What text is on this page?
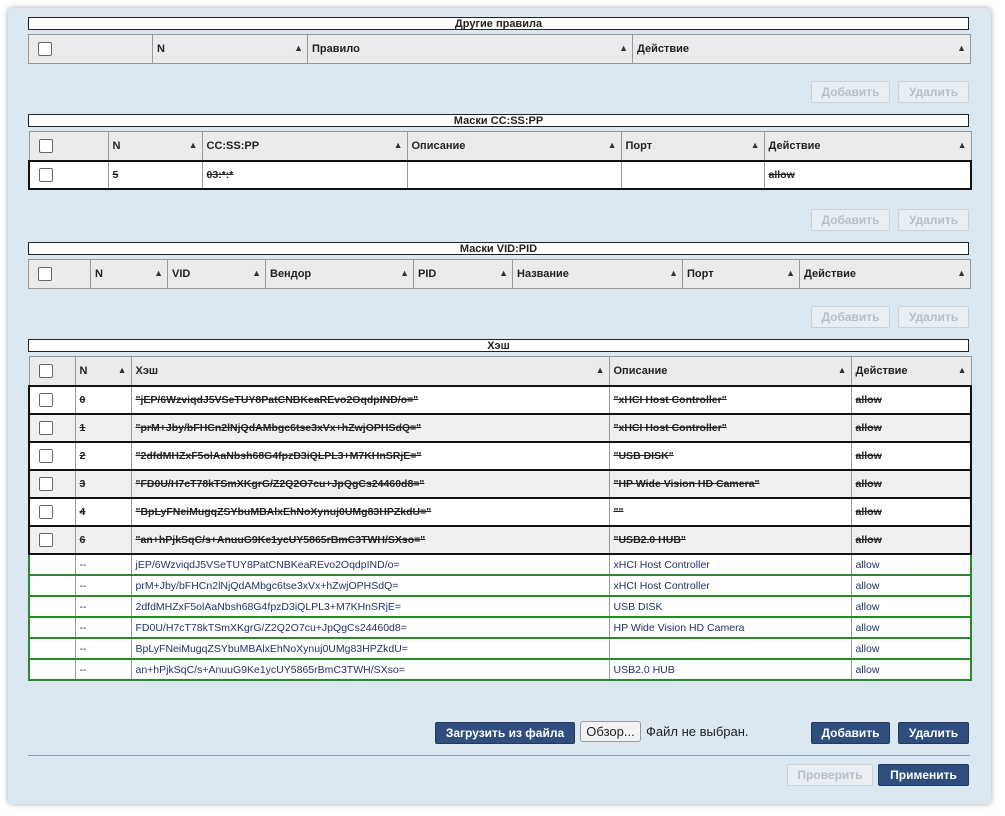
Другие правила
	N	▲︎	Правило	▲︎	Действие	▲︎
Добавить	Удалить
Маски CC:SS:PP
	N ▲︎	CC:SS:PP ▲︎	Описание ▲︎	Порт ▲︎	Действие ▲︎

	5	03:*:*			allow
Добавить	Удалить
Маски VID:PID
	N	▲︎	VID	▲︎	Вендор	▲︎	PID	▲︎	Название	▲︎	Порт	▲︎	Действие	▲︎
Добавить	Удалить
Хэш
	N ▲︎	Хэш ▲︎	Описание ▲︎	Действие ▲︎

	0	"jEP/6WzviqdJ5VSeTUY8PatCNBKeaREvo2OqdpIND/o="	"xHCI Host Controller"	allow
	1	"prM+Jby/bFHCn2lNjQdAMbgc6tse3xVx+hZwjOPHSdQ="	"xHCI Host Controller"	allow
	2	"2dfdMHZxF5olAaNbsh68G4fpzD3iQLPL3+M7KHnSRjE="	"USB DISK"	allow
	3	"FD0U/H7cT78kTSmXKgrG/Z2Q2O7cu+JpQgCs24460d8="	"HP Wide Vision HD Camera"	allow
	4	"BpLyFNeiMugqZSYbuMBAlxEhNoXynuj0UMg83HPZkdU="	""	allow
	6	"an+hPjkSqC/s+AnuuG9Ke1ycUY5865rBmC3TWH/SXso="	"USB2.0 HUB"	allow
	--	jEP/6WzviqdJ5VSeTUY8PatCNBKeaREvo2OqdpIND/o=	xHCI Host Controller	allow
	--	prM+Jby/bFHCn2lNjQdAMbgc6tse3xVx+hZwjOPHSdQ=	xHCI Host Controller	allow
	--	2dfdMHZxF5olAaNbsh68G4fpzD3iQLPL3+M7KHnSRjE=	USB DISK	allow
	--	FD0U/H7cT78kTSmXKgrG/Z2Q2O7cu+JpQgCs24460d8=	HP Wide Vision HD Camera	allow
	--	BpLyFNeiMugqZSYbuMBAlxEhNoXynuj0UMg83HPZkdU=		allow
	--	an+hPjkSqC/s+AnuuG9Ke1ycUY5865rBmC3TWH/SXso=	USB2.0 HUB	allow
Загрузить из файла	Обзор... Файл не выбран.	Добавить	Удалить
Проверить	Применить
